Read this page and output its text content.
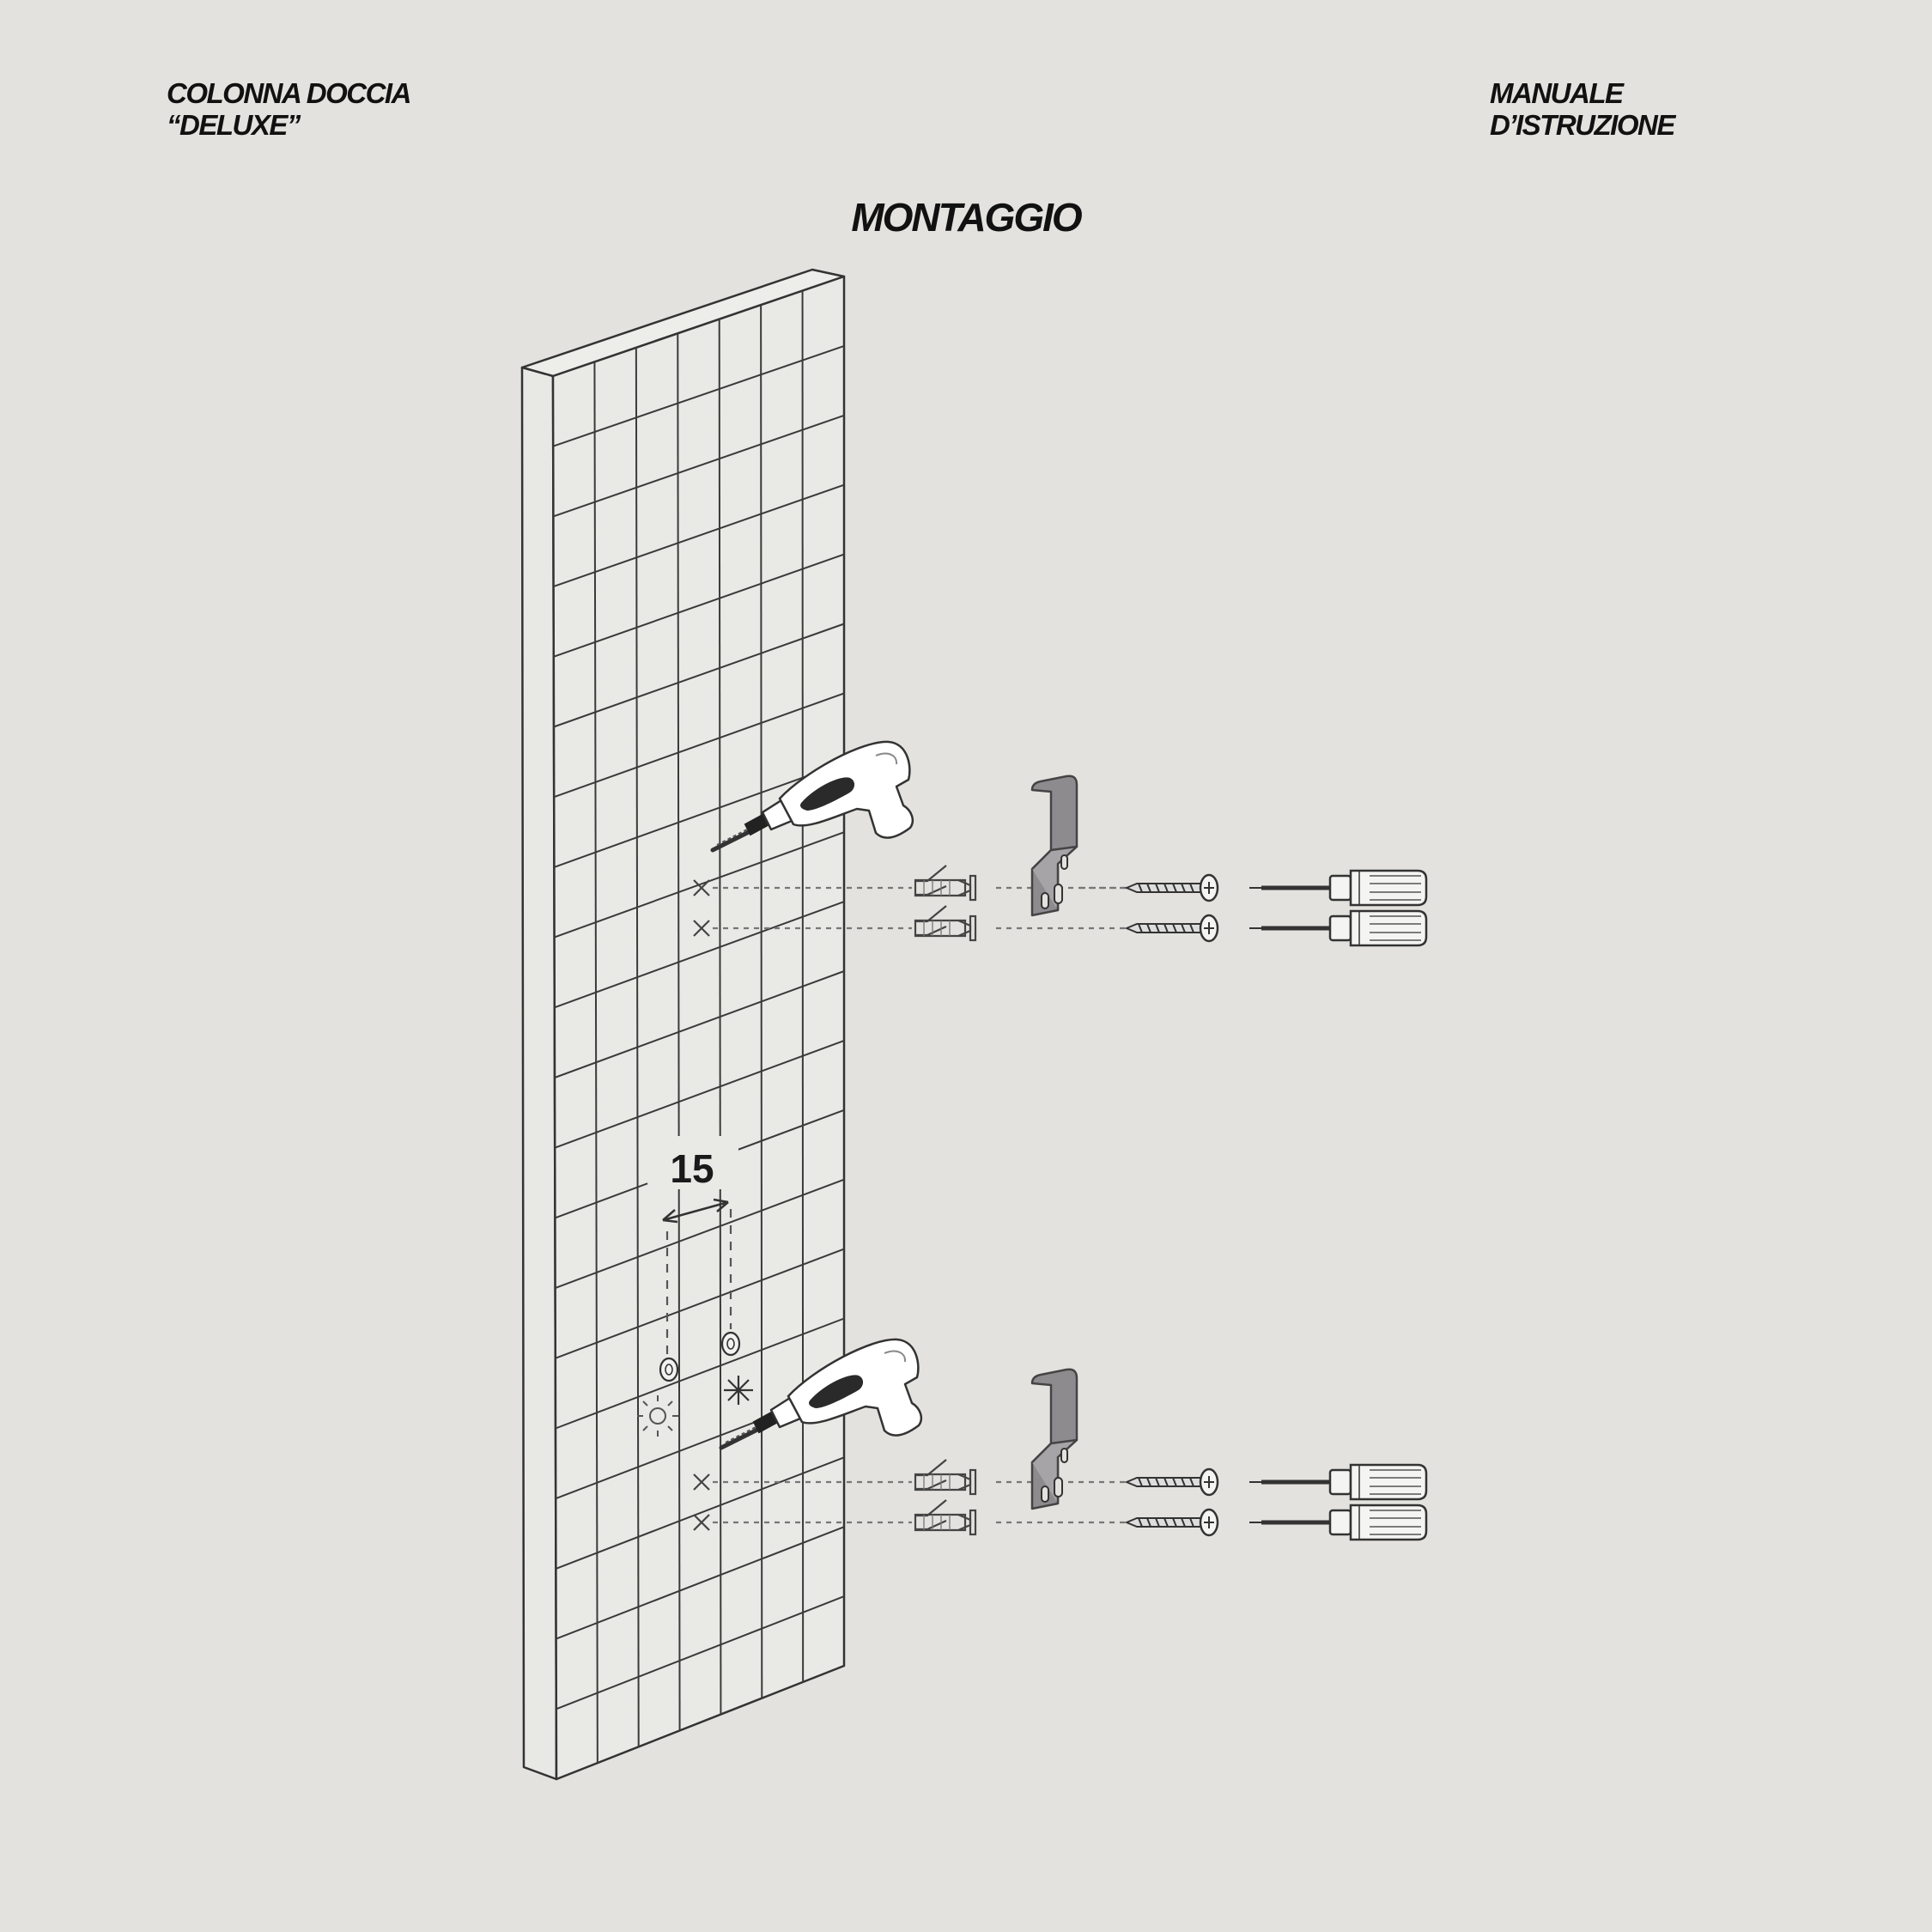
COLONNA DOCCIA
“DELUXE”
MANUALE
D’ISTRUZIONE
MONTAGGIO
15
